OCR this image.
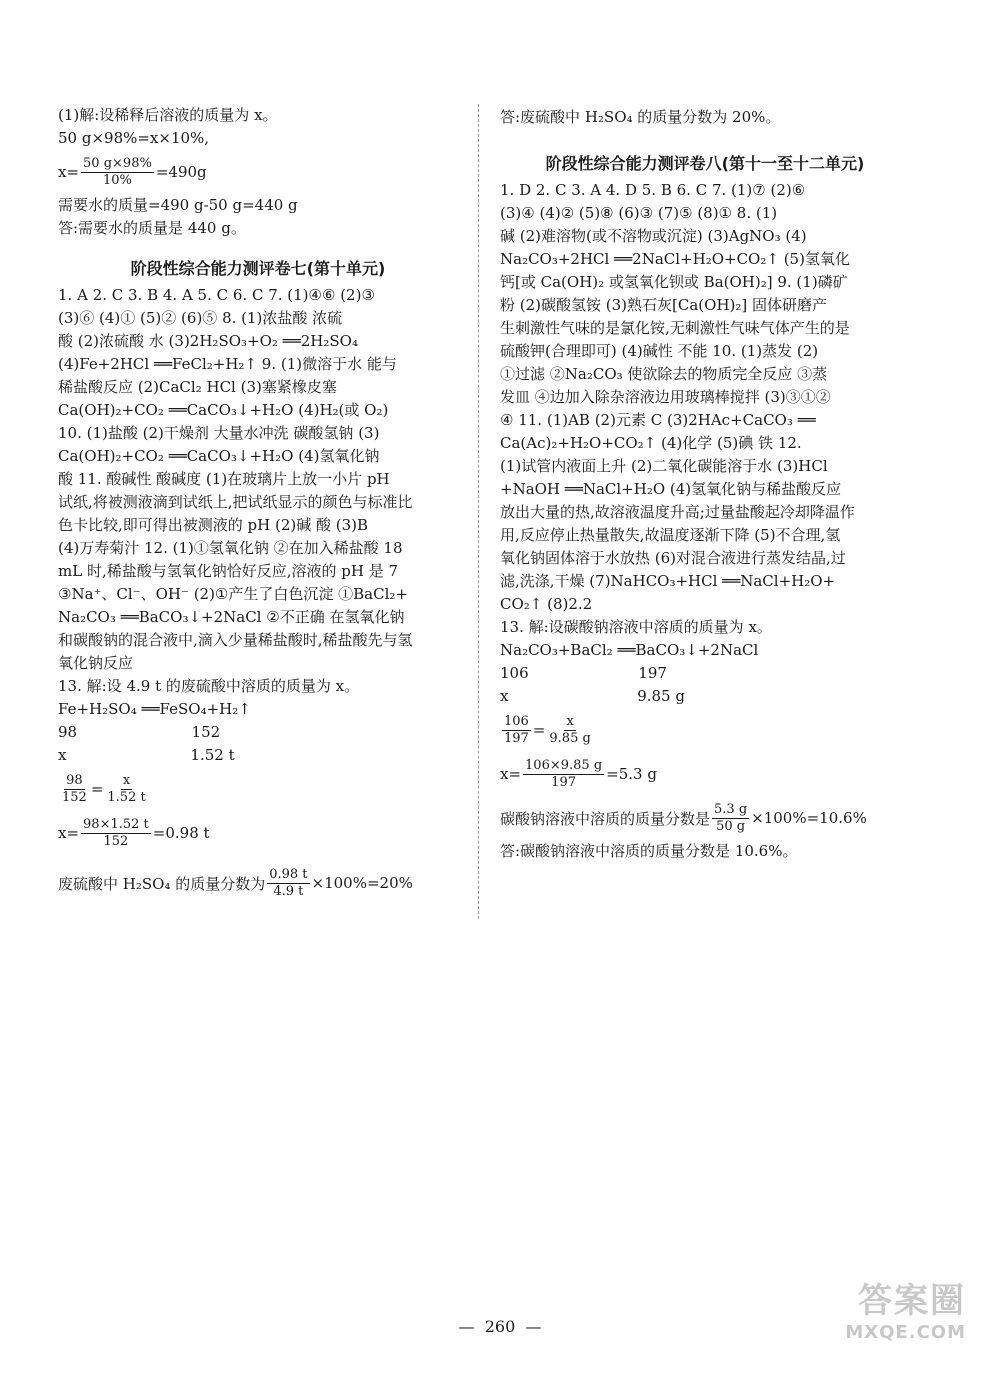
(1)解:设稀释后溶液的质量为 x。
50 g×98%=x×10%,
$x= \frac{50 g\times 98\%}{10\%} =490g$
需要水的质量=490 g-50 g=440 g
答:需要水的质量是 440 g。
阶段性综合能力测评卷七(第十单元)
1. A 2. C 3. B 4. A 5. C 6. C 7. (1)④⑥ (2)③
(3)⑥ (4)① (5)② (6)⑤ 8. (1)浓盐酸 浓硫
酸 (2)浓硫酸 水 (3)2H₂SO₃+O₂ ══2H₂SO₄
(4)Fe+2HCl ══FeCl₂+H₂↑ 9. (1)微溶于水 能与
稀盐酸反应 (2)CaCl₂ HCl (3)塞紧橡皮塞
Ca(OH)₂+CO₂ ══CaCO₃↓+H₂O (4)H₂(或 O₂)
10. (1)盐酸 (2)干燥剂 大量水冲洗 碳酸氢钠 (3)
Ca(OH)₂+CO₂ ══CaCO₃↓+H₂O (4)氢氧化钠
酸 11. 酸碱性 酸碱度 (1)在玻璃片上放一小片 pH
试纸,将被测液滴到试纸上,把试纸显示的颜色与标准比
色卡比较,即可得出被测液的 pH (2)碱 酸 (3)B
(4)万寿菊汁 12. (1)①氢氧化钠 ②在加入稀盐酸 18
mL 时,稀盐酸与氢氧化钠恰好反应,溶液的 pH 是 7
③Na⁺、Cl⁻、OH⁻ (2)①产生了白色沉淀 ①BaCl₂+
Na₂CO₃ ══BaCO₃↓+2NaCl ②不正确 在氢氧化钠
和碳酸钠的混合液中,滴入少量稀盐酸时,稀盐酸先与氢
氧化钠反应
13. 解:设 4.9 t 的废硫酸中溶质的质量为 x。
Fe+H₂SO₄ ══FeSO₄+H₂↑
98                        152
x                          1.52 t
$\frac{98}{152} = \frac{x}{1.52 t}$
$x= \frac{98\times 1.52 t}{152} =0.98$ t
废硫酸中 H₂SO₄ 的质量分数为 $\frac{0.98 t}{4.9 t} \times 100\%=20\%$
答:废硫酸中 H₂SO₄ 的质量分数为 20%。
阶段性综合能力测评卷八(第十一至十二单元)
1. D 2. C 3. A 4. D 5. B 6. C 7. (1)⑦ (2)⑥
(3)④ (4)② (5)⑧ (6)③ (7)⑤ (8)① 8. (1)
碱 (2)难溶物(或不溶物或沉淀) (3)AgNO₃ (4)
Na₂CO₃+2HCl ══2NaCl+H₂O+CO₂↑ (5)氢氧化
钙[或 Ca(OH)₂ 或氢氧化钡或 Ba(OH)₂] 9. (1)磷矿
粉 (2)碳酸氢铵 (3)熟石灰[Ca(OH)₂] 固体研磨产
生刺激性气味的是氯化铵,无刺激性气味气体产生的是
硫酸钾(合理即可) (4)碱性 不能 10. (1)蒸发 (2)
①过滤 ②Na₂CO₃ 使欲除去的物质完全反应 ③蒸
发皿 ④边加入除杂溶液边用玻璃棒搅拌 (3)③①②
④ 11. (1)AB (2)元素 C (3)2HAc+CaCO₃ ══
Ca(Ac)₂+H₂O+CO₂↑ (4)化学 (5)碘 铁 12.
(1)试管内液面上升 (2)二氧化碳能溶于水 (3)HCl
+NaOH ══NaCl+H₂O (4)氢氧化钠与稀盐酸反应
放出大量的热,故溶液温度升高;过量盐酸起冷却降温作
用,反应停止热量散失,故温度逐渐下降 (5)不合理,氢
氧化钠固体溶于水放热 (6)对混合液进行蒸发结晶,过
滤,洗涤,干燥 (7)NaHCO₃+HCl ══NaCl+H₂O+
CO₂↑ (8)2.2
13. 解:设碳酸钠溶液中溶质的质量为 x。
Na₂CO₃+BaCl₂ ══BaCO₃↓+2NaCl
106                       197
x                           9.85 g
$\frac{106}{197} = \frac{x}{9.85 g}$
$x= \frac{106\times 9.85 g}{197} =5.3$ g
碳酸钠溶液中溶质的质量分数是 $\frac{5.3 g}{50 g} \times 100\%=10.6\%$
答:碳酸钠溶液中溶质的质量分数是 10.6%。
—  260  —
答案圈
MXQE.COM
